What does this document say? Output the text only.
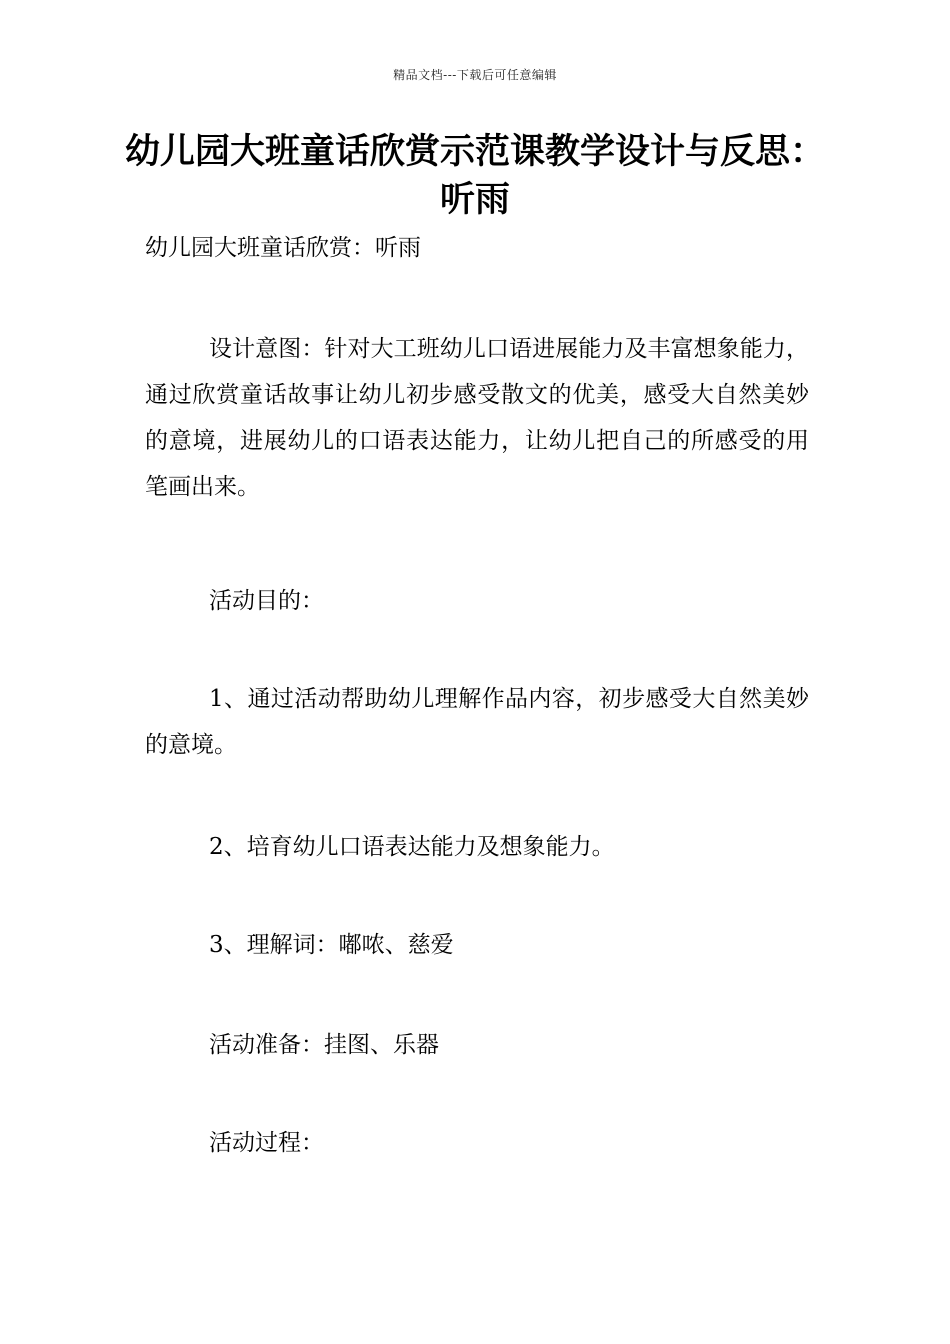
精品文档---下载后可任意编辑
幼儿园大班童话欣赏示范课教学设计与反思：听雨

幼儿园大班童话欣赏：听雨

设计意图：针对大工班幼儿口语进展能力及丰富想象能力，通过欣赏童话故事让幼儿初步感受散文的优美，感受大自然美妙的意境，进展幼儿的口语表达能力，让幼儿把自己的所感受的用笔画出来。

活动目的：

1、通过活动帮助幼儿理解作品内容，初步感受大自然美妙的意境。

2、培育幼儿口语表达能力及想象能力。

3、理解词：嘟哝、慈爱

活动准备：挂图、乐器

活动过程：
